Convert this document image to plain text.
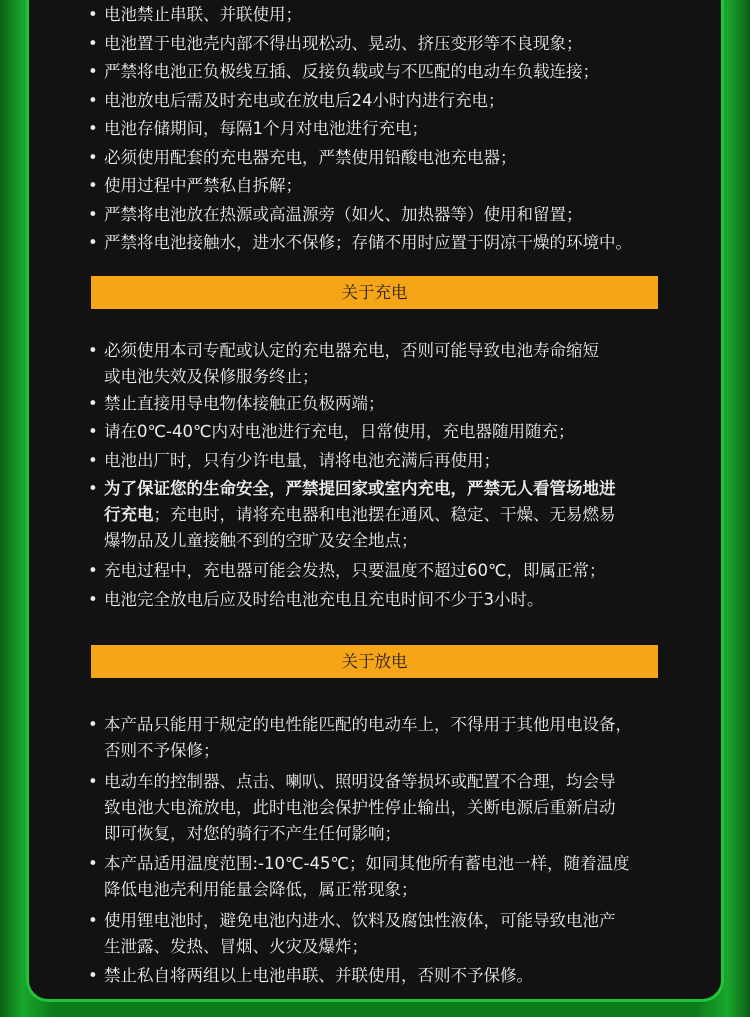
• 电池禁止串联、并联使用；
• 电池置于电池壳内部不得出现松动、晃动、挤压变形等不良现象；
• 严禁将电池正负极线互插、反接负载或与不匹配的电动车负载连接；
• 电池放电后需及时充电或在放电后24小时内进行充电；
• 电池存储期间，每隔1个月对电池进行充电；
• 必须使用配套的充电器充电，严禁使用铅酸电池充电器；
• 使用过程中严禁私自拆解；
• 严禁将电池放在热源或高温源旁（如火、加热器等）使用和留置；
• 严禁将电池接触水，进水不保修；存储不用时应置于阴凉干燥的环境中。
关于充电
• 必须使用本司专配或认定的充电器充电，否则可能导致电池寿命缩短
或电池失效及保修服务终止；
• 禁止直接用导电物体接触正负极两端；
• 请在0℃-40℃内对电池进行充电，日常使用，充电器随用随充；
• 电池出厂时，只有少许电量，请将电池充满后再使用；
• 为了保证您的生命安全，严禁提回家或室内充电，严禁无人看管场地进
行充电；充电时，请将充电器和电池摆在通风、稳定、干燥、无易燃易
爆物品及儿童接触不到的空旷及安全地点；
• 充电过程中，充电器可能会发热，只要温度不超过60℃，即属正常；
• 电池完全放电后应及时给电池充电且充电时间不少于3小时。
关于放电
• 本产品只能用于规定的电性能匹配的电动车上，不得用于其他用电设备，
否则不予保修；
• 电动车的控制器、点击、喇叭、照明设备等损坏或配置不合理，均会导
致电池大电流放电，此时电池会保护性停止输出，关断电源后重新启动
即可恢复，对您的骑行不产生任何影响；
• 本产品适用温度范围:-10℃-45℃；如同其他所有蓄电池一样，随着温度
降低电池壳利用能量会降低，属正常现象；
• 使用锂电池时，避免电池内进水、饮料及腐蚀性液体，可能导致电池产
生泄露、发热、冒烟、火灾及爆炸；
• 禁止私自将两组以上电池串联、并联使用，否则不予保修。
